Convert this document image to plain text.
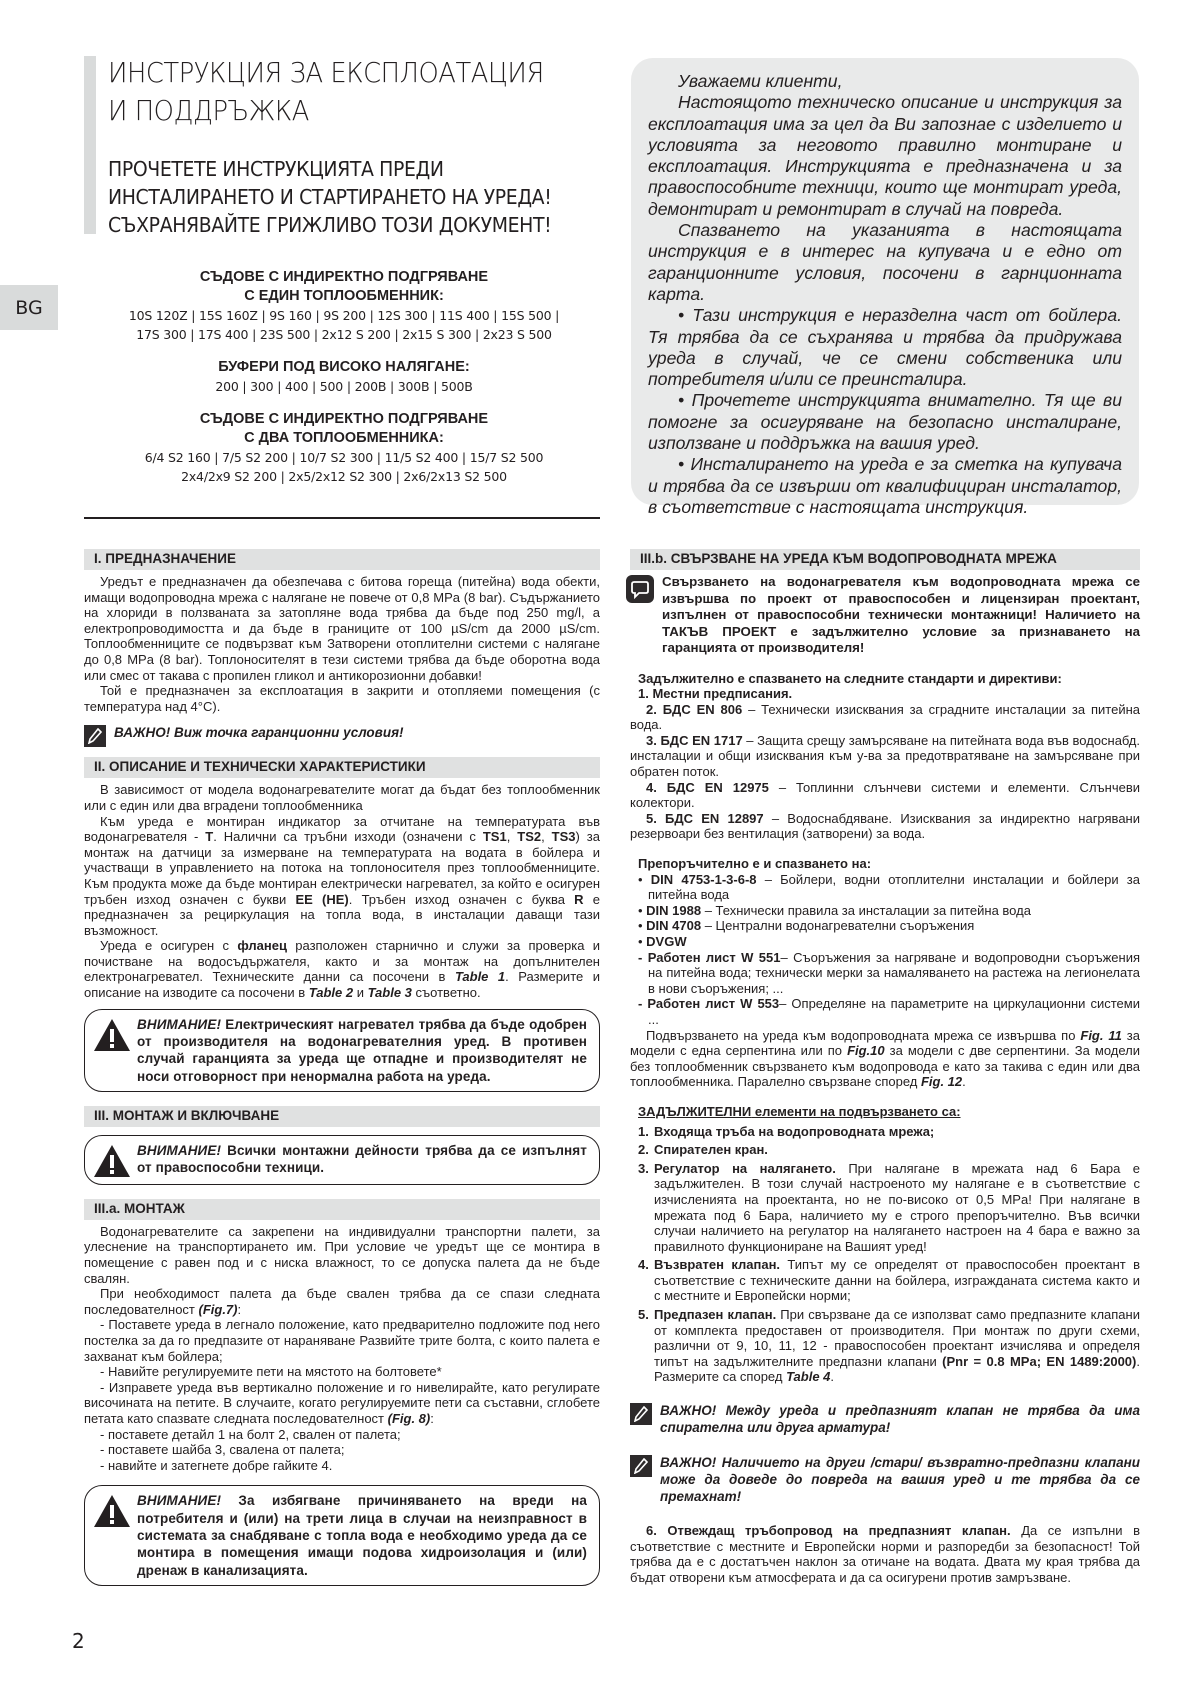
ИНСТРУКЦИЯ ЗА ЕКСПЛОАТАЦИЯ
И ПОДДРЪЖКА
ПРОЧЕТЕТЕ ИНСТРУКЦИЯТА ПРЕДИ
ИНСТАЛИРАНЕТО И СТАРТИРАНЕТО НА УРЕДА!
СЪХРАНЯВАЙТЕ ГРИЖЛИВО ТОЗИ ДОКУМЕНТ!
BG
СЪДОВЕ С ИНДИРЕКТНО ПОДГРЯВАНЕ
С ЕДИН ТОПЛООБМЕННИК:
10S 120Z | 15S 160Z | 9S 160 | 9S 200 | 12S 300 | 11S 400 | 15S 500 |
17S 300 | 17S 400 | 23S 500 | 2x12 S 200 | 2x15 S 300 | 2x23 S 500
БУФЕРИ ПОД ВИСОКО НАЛЯГАНЕ:
200 | 300 | 400 | 500 | 200B | 300B | 500B
СЪДОВЕ С ИНДИРЕКТНО ПОДГРЯВАНЕ
С ДВА ТОПЛООБМЕННИКА:
6/4 S2 160 | 7/5 S2 200 | 10/7 S2 300 | 11/5 S2 400 | 15/7 S2 500
2x4/2x9 S2 200 | 2x5/2x12 S2 300 | 2x6/2x13 S2 500

Уважаеми клиенти,

Настоящото техническо описание и инструкция за експлоатация има за цел да Ви запознае с изделието и условията за неговото правилно монтиране и експлоатация. Инструкцията е предназначена и за правоспособните техници, които ще монтират уреда, демонтират и ремонтират в случай на повреда.

Спазването на указанията в настоящата инструкция е в интерес на купувача и е едно от гаранционните условия, посочени в гарнционната карта.

• Тази инструкция е неразделна част от бойлера. Тя трябва да се съхранява и трябва да придружава уреда в случай, че се смени собственика или потребителя и/или се преинсталира.

• Прочетете инструкцията внимателно. Тя ще ви помогне за осигуряване на безопасно инсталиране, използване и поддръжка на вашия уред.

• Инсталирането на уреда е за сметка на купувача и трябва да се извърши от квалифициран инсталатор, в съответствие с настоящата инструкция.

I. ПРЕДНАЗНАЧЕНИЕ

Уредът е предназначен да обезпечава с битова гореща (питейна) вода обекти, имащи водопроводна мрежа с налягане не повече от 0,8 MPa (8 bar). Съдържанието на хлориди в ползваната за затопляне вода трябва да бъде под 250 mg/l, а електропроводимостта и да бъде в границите от 100 µS/cm да 2000 µS/cm. Топлообменниците се подвързват към Затворени отоплителни системи с налягане до 0,8 MPa (8 bar). Топлоносителят в тези системи трябва да бъде оборотна вода или смес от такава с пропилен гликол и антикорозионни добавки!

Той е предназначен за експлоатация в закрити и отопляеми помещения (с температура над 4°C).

ВАЖНО! Виж точка гаранционни условия!
II. ОПИСАНИЕ И ТЕХНИЧЕСКИ ХАРАКТЕРИСТИКИ

В зависимост от модела водонагревателите могат да бъдат без топлообменник или с един или два вградени топлообменника

Към уреда е монтиран индикатор за отчитане на температурата във водонагревателя - T. Налични са тръбни изходи (означени с TS1, TS2, TS3) за монтаж на датчици за измерване на температурата на водата в бойлера и участващи в управлението на потока на топлоносителя през топлообменниците. Към продукта може да бъде монтиран електрически нагревател, за който е осигурен тръбен изход означен с букви EE (HE). Тръбен изход означен с буква R е предназначен за рециркулация на топла вода, в инсталации даващи тази възможност.

Уреда е осигурен с фланец разположен старнично и служи за проверка и почистване на водосъдържателя, както и за монтаж на допълнителен електронагревател. Техническите данни са посочени в Table 1. Размерите и описание на изводите са посочени в Table 2 и Table 3 съответно.

ВНИМАНИЕ! Електрическият нагревател трябва да бъде одобрен от производителя на водонагревателния уред. В противен случай гаранцията за уреда ще отпадне и производителят не носи отговорност при ненормална работа на уреда.
III. МОНТАЖ И ВКЛЮЧВАНЕ
ВНИМАНИЕ! Всички монтажни дейности трябва да се изпълнят от правоспособни техници.
III.a. МОНТАЖ

Водонагревателите са закрепени на индивидуални транспортни палети, за улеснение на транспортирането им. При условие че уредът ще се монтира в помещение с равен под и с ниска влажност, то се допуска палета да не бъде свалян.

При необходимост палета да бъде свален трябва да се спази следната последователност (Fig.7):

- Поставете уреда в легнало положение, като предварително подложите под него постелка за да го предпазите от нараняване Развийте трите болта, с които палета е захванат към бойлера;

- Навийте регулируемите пети на мястото на болтовете*

- Изправете уреда във вертикално положение и го нивелирайте, като регулирате височината на петите. В случаите, когато регулируемите пети са съставни, сглобете петата като спазвате следната последователност (Fig. 8):

- поставете детайл 1 на болт 2, свален от палета;

- поставете шайба 3, свалена от палета;

- навийте и затегнете добре гайките 4.

ВНИМАНИЕ! За избягване причиняването на вреди на потребителя и (или) на трети лица в случаи на неизправност в системата за снабдяване с топла вода е необходимо уреда да се монтира в помещения имащи подова хидроизолация и (или) дренаж в канализацията.
III.b. СВЪРЗВАНЕ НА УРЕДА КЪМ ВОДОПРОВОДНАТА МРЕЖА
Свързването на водонагревателя към водопроводната мрежа се извършва по проект от правоспособен и лицензиран проектант, изпълнен от правоспособни технически монтажници! Наличието на ТАКЪВ ПРОЕКТ е задължително условие за признаването на гаранцията от производителя!

Задължително е спазването на следните стандарти и директиви:

1. Местни предписания.

2. БДС EN 806 – Технически изисквания за сградните инсталации за питейна вода.

3. БДС EN 1717 – Защита срещу замърсяване на питейната вода във водоснабд. инсталации и общи изисквания към у-ва за предотвратяване на замърсяване при обратен поток.

4. БДС EN 12975 – Топлинни слънчеви системи и елементи. Слънчеви колектори.

5. БДС EN 12897 – Водоснабдяване. Изисквания за индиректно нагрявани резервоари без вентилация (затворени) за вода.

Препоръчително е и спазването на:

• DIN 4753-1-3-6-8 – Бойлери, водни отоплителни инсталации и бойлери за питейна вода

• DIN 1988 – Технически правила за инсталации за питейна вода

• DIN 4708 – Централни водонагревателни съоръжения

• DVGW

- Работен лист W 551– Съоръжения за нагряване и водопроводни съоръжения на питейна вода; технически мерки за намаляването на растежа на легионелата в нови съоръжения; ...

- Работен лист W 553– Определяне на параметрите на циркулационни системи ...

Подвързването на уреда към водопроводната мрежа се извършва по Fig. 11 за модели с една серпентина или по Fig.10 за модели с две серпентини. За модели без топлообменник свързването към водопровода е като за такива с един или два топлообменника. Паралелно свързване според Fig. 12.

ЗАДЪЛЖИТЕЛНИ елементи на подвързването са:

1. Входяща тръба на водопроводната мрежа;
2. Спирателен кран.
3. Регулатор на налягането. При налягане в мрежата над 6 Бара е задължителен. В този случай настроеното му налягане е в съответствие с изчисленията на проектанта, но не по-високо от 0,5 MPa! При налягане в мрежата под 6 Бара, наличието му е строго препоръчително. Във всички случаи наличието на регулатор на налягането настроен на 4 бара е важно за правилното функциониране на Вашият уред!
4. Възвратен клапан. Типът му се определят от правоспособен проектант в съответствие с техническите данни на бойлера, изгражданата система както и с местните и Европейски норми;
5. Предпазен клапан. При свързване да се използват само предпазните клапани от комплекта предоставен от производителя. При монтаж по други схеми, различни от 9, 10, 11, 12 - правоспособен проектант изчислява и определя типът на задължителните предпазни клапани (Pnr = 0.8 MPa; EN 1489:2000). Размерите са според Table 4.
ВАЖНО! Между уреда и предпазният клапан не трябва да има спирателна или друга арматура!
ВАЖНО! Наличието на други /стари/ възвратно-предпазни клапани може да доведе до повреда на вашия уред и те трябва да се премахнат!

6. Отвеждащ тръбопровод на предпазният клапан. Да се изпълни в съответствие с местните и Европейски норми и разпоредби за безопасност! Той трябва да е с достатъчен наклон за отичане на водата. Двата му края трябва да бъдат отворени към атмосферата и да са осигурени против замръзване.

2
